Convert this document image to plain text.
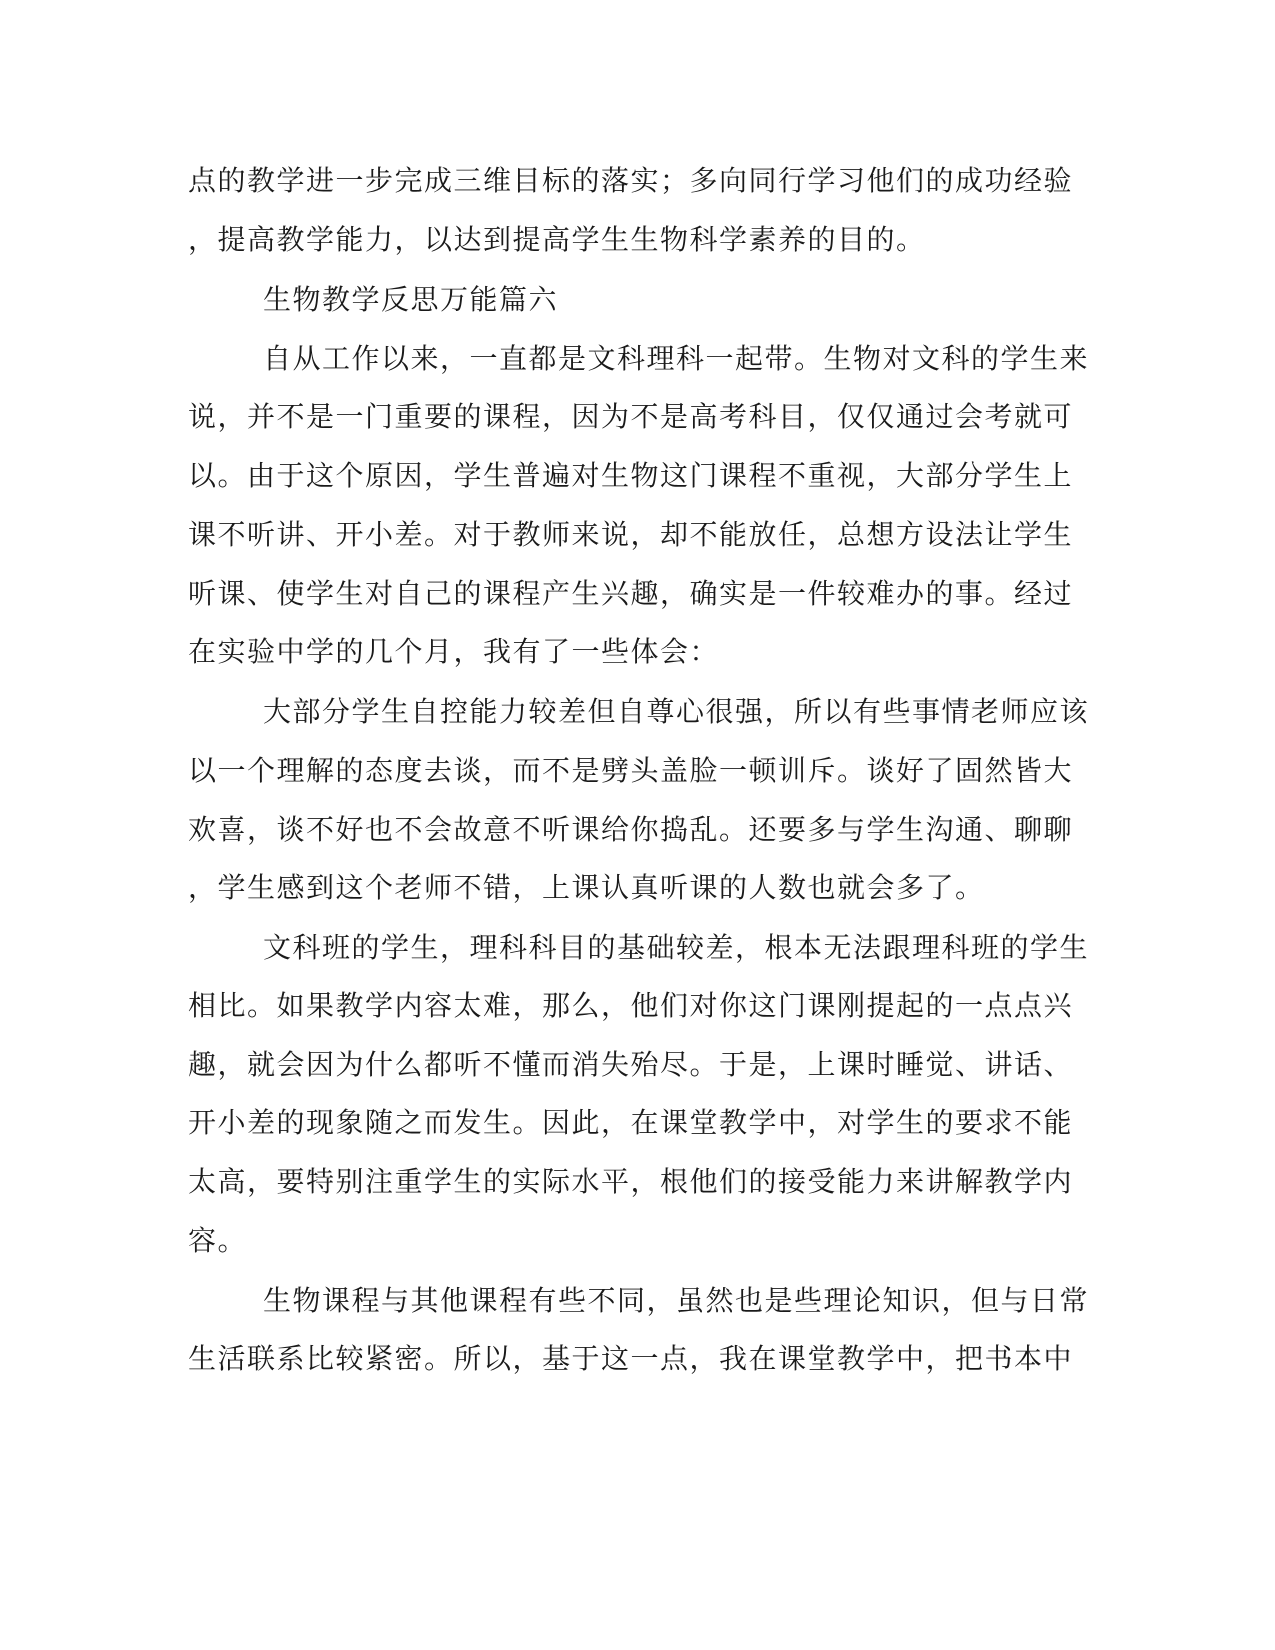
点的教学进一步完成三维目标的落实；多向同行学习他们的成功经验
，提高教学能力，以达到提高学生生物科学素养的目的。
生物教学反思万能篇六
自从工作以来，一直都是文科理科一起带。生物对文科的学生来
说，并不是一门重要的课程，因为不是高考科目，仅仅通过会考就可
以。由于这个原因，学生普遍对生物这门课程不重视，大部分学生上
课不听讲、开小差。对于教师来说，却不能放任，总想方设法让学生
听课、使学生对自己的课程产生兴趣，确实是一件较难办的事。经过
在实验中学的几个月，我有了一些体会：
大部分学生自控能力较差但自尊心很强，所以有些事情老师应该
以一个理解的态度去谈，而不是劈头盖脸一顿训斥。谈好了固然皆大
欢喜，谈不好也不会故意不听课给你捣乱。还要多与学生沟通、聊聊
，学生感到这个老师不错，上课认真听课的人数也就会多了。
文科班的学生，理科科目的基础较差，根本无法跟理科班的学生
相比。如果教学内容太难，那么，他们对你这门课刚提起的一点点兴
趣，就会因为什么都听不懂而消失殆尽。于是，上课时睡觉、讲话、
开小差的现象随之而发生。因此，在课堂教学中，对学生的要求不能
太高，要特别注重学生的实际水平，根他们的接受能力来讲解教学内
容。
生物课程与其他课程有些不同，虽然也是些理论知识，但与日常
生活联系比较紧密。所以，基于这一点，我在课堂教学中，把书本中
